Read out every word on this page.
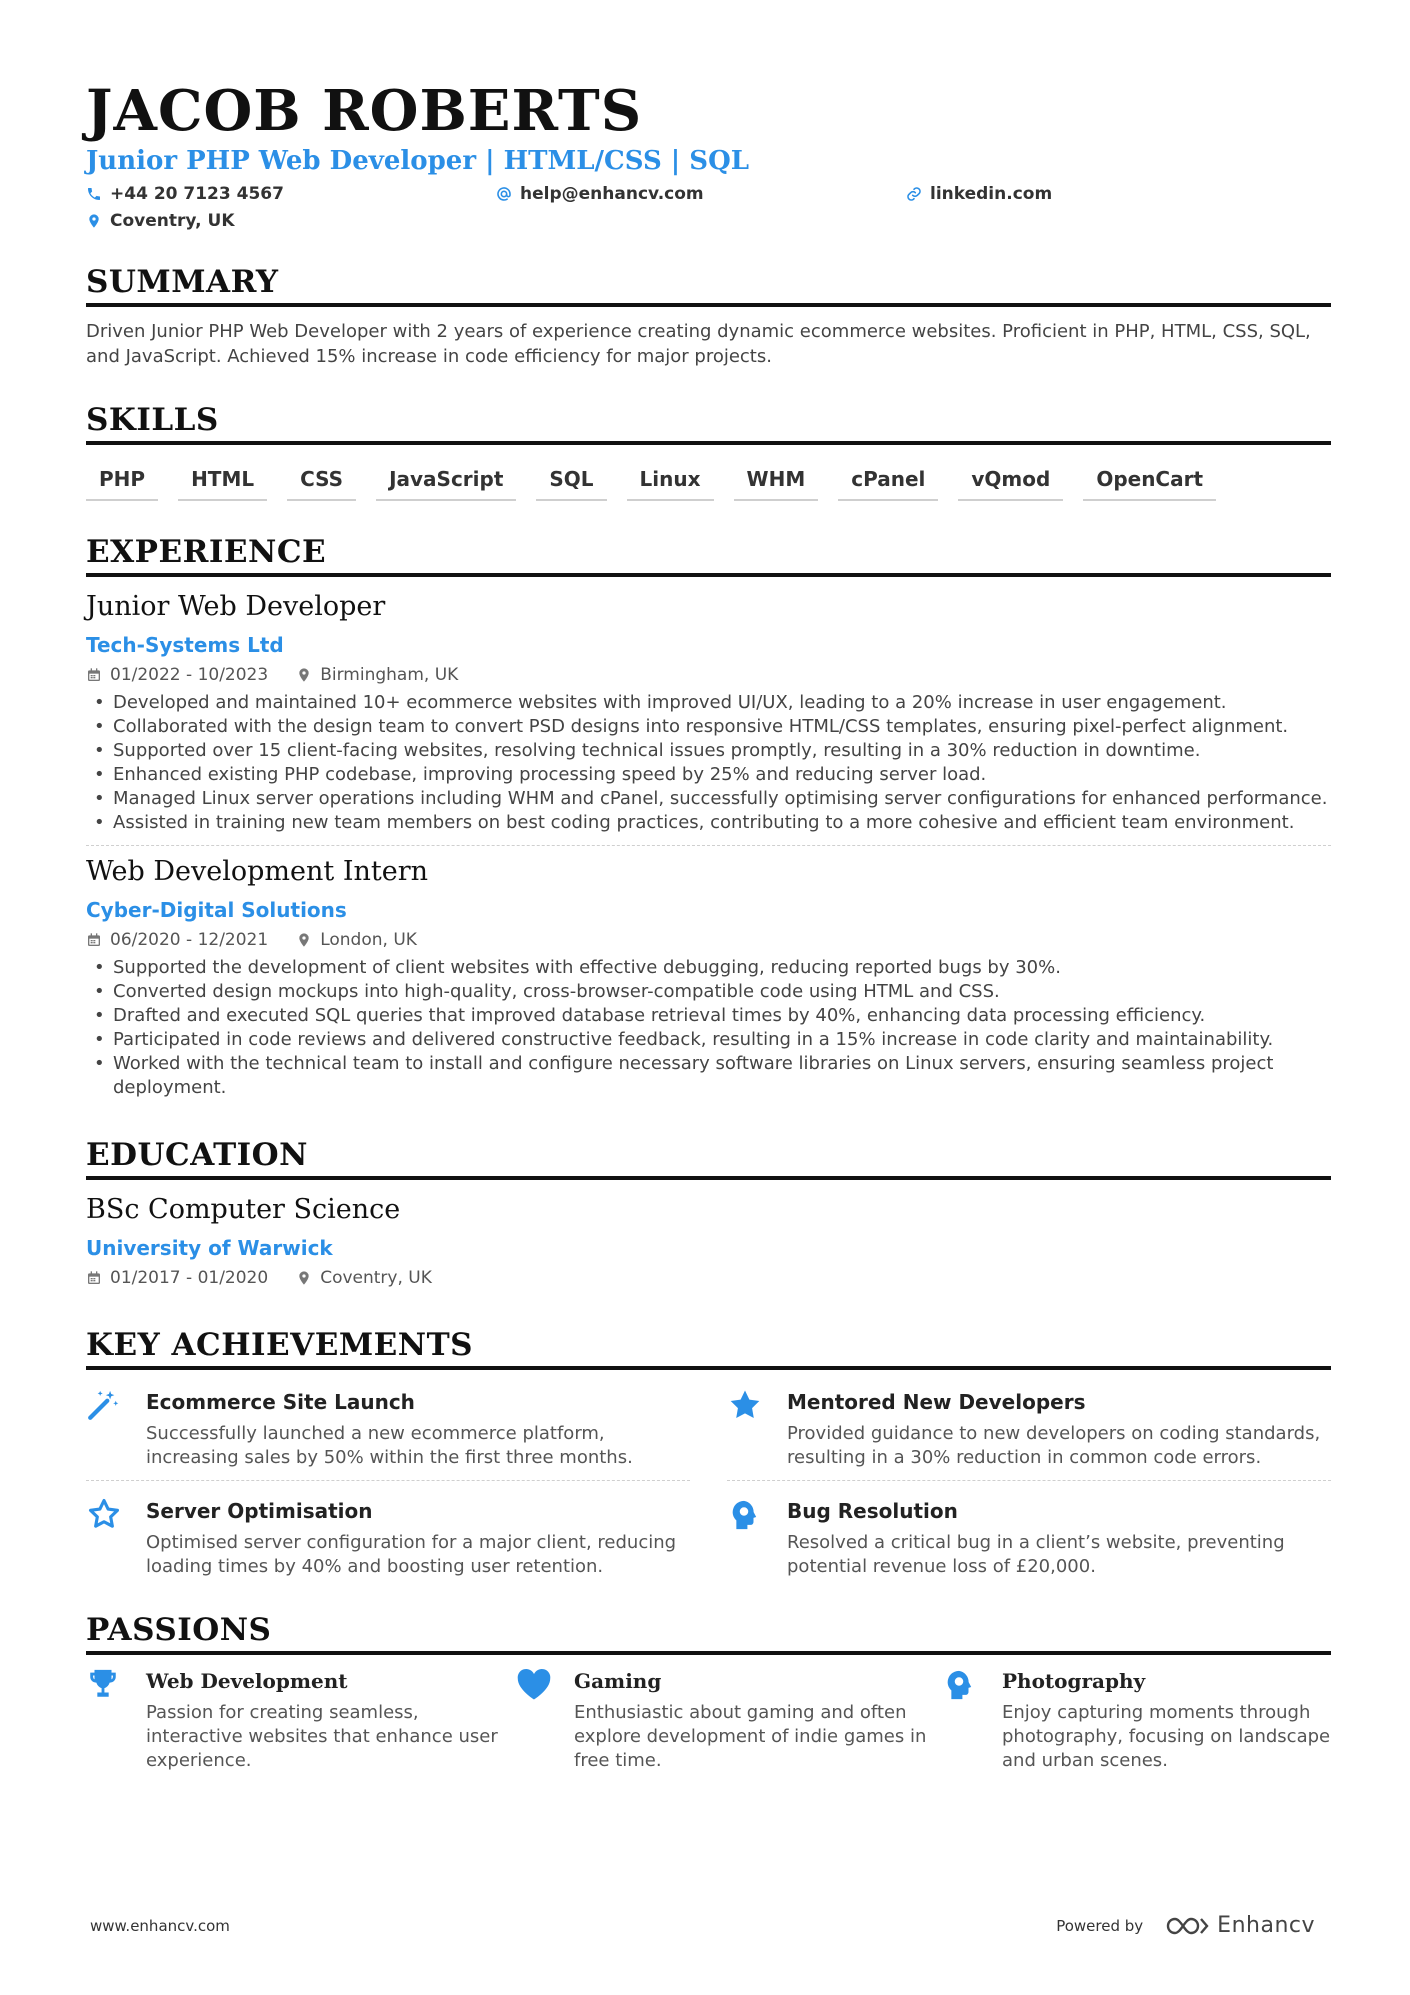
JACOB ROBERTS
Junior PHP Web Developer | HTML/CSS | SQL
+44 20 7123 4567	help@enhancv.com	linkedin.com
Coventry, UK
SUMMARY
Driven Junior PHP Web Developer with 2 years of experience creating dynamic ecommerce websites. Proficient in PHP, HTML, CSS, SQL, and JavaScript. Achieved 15% increase in code efficiency for major projects.
SKILLS
PHP	HTML	CSS	JavaScript	SQL	Linux	WHM	cPanel	vQmod	OpenCart
EXPERIENCE
Junior Web Developer
Tech-Systems Ltd
01/2022 - 10/2023	Birmingham, UK
• Developed and maintained 10+ ecommerce websites with improved UI/UX, leading to a 20% increase in user engagement.
• Collaborated with the design team to convert PSD designs into responsive HTML/CSS templates, ensuring pixel-perfect alignment.
• Supported over 15 client-facing websites, resolving technical issues promptly, resulting in a 30% reduction in downtime.
• Enhanced existing PHP codebase, improving processing speed by 25% and reducing server load.
• Managed Linux server operations including WHM and cPanel, successfully optimising server configurations for enhanced performance.
• Assisted in training new team members on best coding practices, contributing to a more cohesive and efficient team environment.
Web Development Intern
Cyber-Digital Solutions
06/2020 - 12/2021	London, UK
• Supported the development of client websites with effective debugging, reducing reported bugs by 30%.
• Converted design mockups into high-quality, cross-browser-compatible code using HTML and CSS.
• Drafted and executed SQL queries that improved database retrieval times by 40%, enhancing data processing efficiency.
• Participated in code reviews and delivered constructive feedback, resulting in a 15% increase in code clarity and maintainability.
• Worked with the technical team to install and configure necessary software libraries on Linux servers, ensuring seamless project deployment.
EDUCATION
BSc Computer Science
University of Warwick
01/2017 - 01/2020	Coventry, UK
KEY ACHIEVEMENTS
Ecommerce Site Launch
Successfully launched a new ecommerce platform, increasing sales by 50% within the first three months.
Mentored New Developers
Provided guidance to new developers on coding standards, resulting in a 30% reduction in common code errors.
Server Optimisation
Optimised server configuration for a major client, reducing loading times by 40% and boosting user retention.
Bug Resolution
Resolved a critical bug in a client’s website, preventing potential revenue loss of £20,000.
PASSIONS
Web Development
Passion for creating seamless, interactive websites that enhance user experience.
Gaming
Enthusiastic about gaming and often explore development of indie games in free time.
Photography
Enjoy capturing moments through photography, focusing on landscape and urban scenes.
www.enhancv.com	Powered by	Enhancv
